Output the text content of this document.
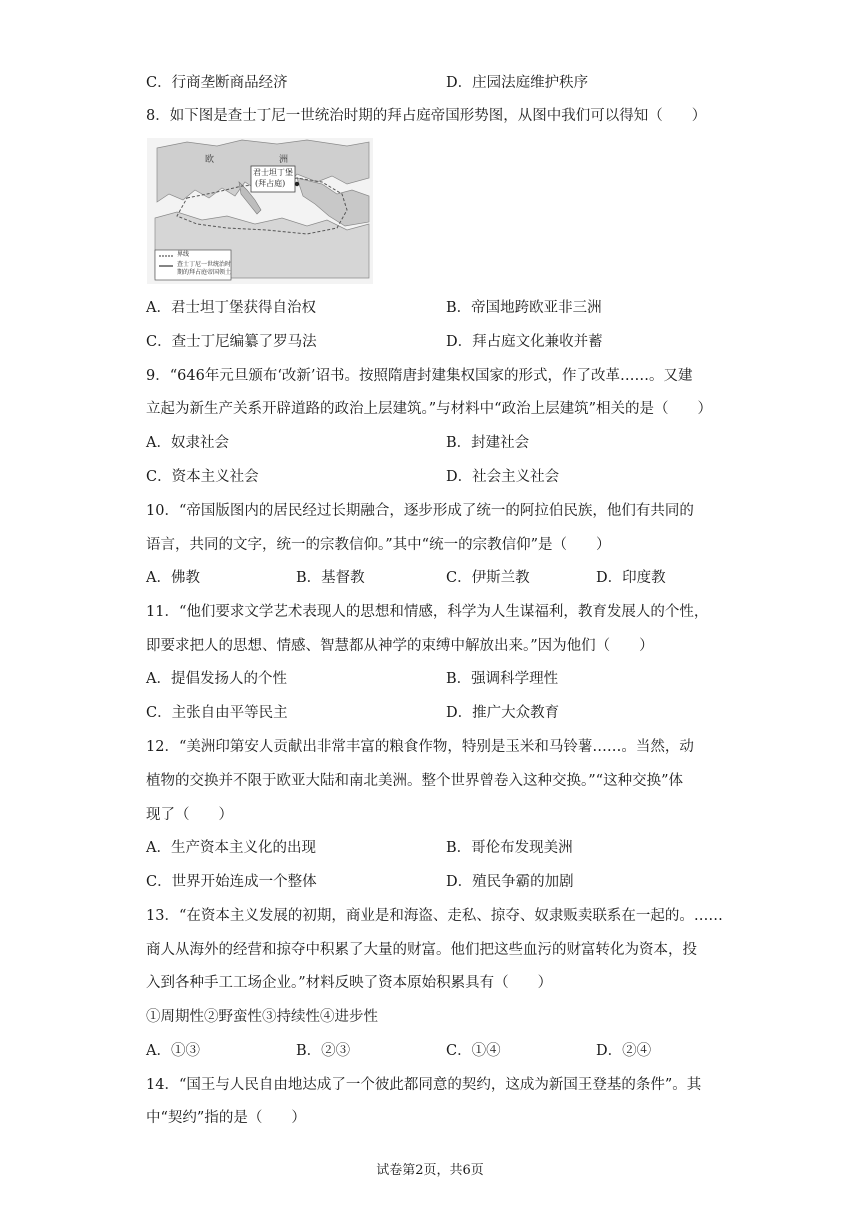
C．行商垄断商品经济	D．庄园法庭维护秩序
8．如下图是查士丁尼一世统治时期的拜占庭帝国形势图，从图中我们可以得知（　　）
欧	洲
君士坦丁堡
(拜占庭)
界线
查士丁尼一世统治时
期的拜占庭帝国领土
A．君士坦丁堡获得自治权	B．帝国地跨欧亚非三洲
C．查士丁尼编纂了罗马法	D．拜占庭文化兼收并蓄
9．“646年元旦颁布‘改新’诏书。按照隋唐封建集权国家的形式，作了改革……。又建
立起为新生产关系开辟道路的政治上层建筑。”与材料中“政治上层建筑”相关的是（　　）
A．奴隶社会	B．封建社会
C．资本主义社会	D．社会主义社会
10．“帝国版图内的居民经过长期融合，逐步形成了统一的阿拉伯民族，他们有共同的
语言，共同的文字，统一的宗教信仰。”其中“统一的宗教信仰”是（　　）
A．佛教	B．基督教	C．伊斯兰教	D．印度教
11．“他们要求文学艺术表现人的思想和情感，科学为人生谋福利，教育发展人的个性，
即要求把人的思想、情感、智慧都从神学的束缚中解放出来。”因为他们（　　）
A．提倡发扬人的个性	B．强调科学理性
C．主张自由平等民主	D．推广大众教育
12．“美洲印第安人贡献出非常丰富的粮食作物，特别是玉米和马铃薯……。当然，动
植物的交换并不限于欧亚大陆和南北美洲。整个世界曾卷入这种交换。”“这种交换”体
现了（　　）
A．生产资本主义化的出现	B．哥伦布发现美洲
C．世界开始连成一个整体	D．殖民争霸的加剧
13．“在资本主义发展的初期，商业是和海盗、走私、掠夺、奴隶贩卖联系在一起的。……
商人从海外的经营和掠夺中积累了大量的财富。他们把这些血污的财富转化为资本，投
入到各种手工工场企业。”材料反映了资本原始积累具有（　　）
①周期性②野蛮性③持续性④进步性
A．①③	B．②③	C．①④	D．②④
14．“国王与人民自由地达成了一个彼此都同意的契约，这成为新国王登基的条件”。其
中“契约”指的是（　　）
试卷第2页，共6页
